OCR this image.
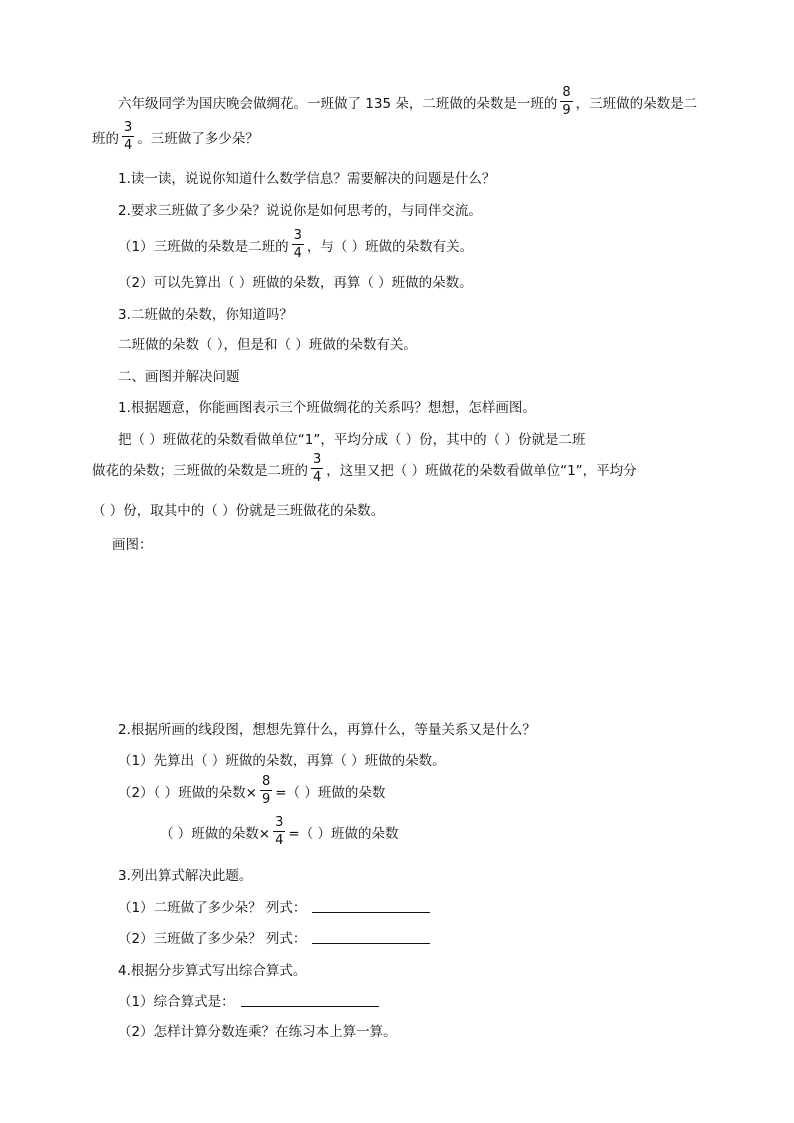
六年级同学为国庆晚会做绸花。一班做了 135 朵，二班做的朵数是一班的 $\frac{8}{9}$ ，三班做的朵数是二
班的 $\frac{3}{4}$ 。三班做了多少朵？
1.读一读，说说你知道什么数学信息？需要解决的问题是什么？
2.要求三班做了多少朵？说说你是如何思考的，与同伴交流。
（1）三班做的朵数是二班的 $\frac{3}{4}$ ，与（ ）班做的朵数有关。
（2）可以先算出（ ）班做的朵数，再算（ ）班做的朵数。
3.二班做的朵数，你知道吗？
二班做的朵数（ ），但是和（ ）班做的朵数有关。
二、画图并解决问题
1.根据题意，你能画图表示三个班做绸花的关系吗？想想，怎样画图。
把（ ）班做花的朵数看做单位“1”，平均分成（ ）份，其中的（ ）份就是二班
做花的朵数；三班做的朵数是二班的 $\frac{3}{4}$ ，这里又把（ ）班做花的朵数看做单位“1”，平均分
（ ）份，取其中的（ ）份就是三班做花的朵数。
画图：
2.根据所画的线段图，想想先算什么，再算什么，等量关系又是什么？
（1）先算出（ ）班做的朵数，再算（ ）班做的朵数。
（2）（ ）班做的朵数× $\frac{8}{9}$ =（ ）班做的朵数
（ ）班做的朵数× $\frac{3}{4}$ =（ ）班做的朵数
3.列出算式解决此题。
（1）二班做了多少朵？ 列式：
（2）三班做了多少朵？ 列式：
4.根据分步算式写出综合算式。
（1）综合算式是：
（2）怎样计算分数连乘？在练习本上算一算。
